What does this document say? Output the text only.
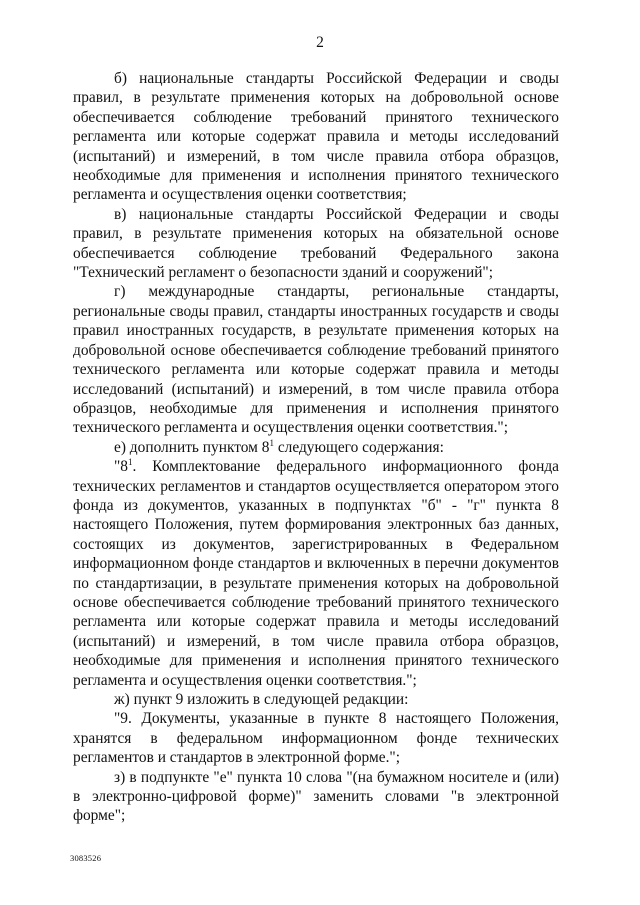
2

б) национальные стандарты Российской Федерации и своды правил, в результате применения которых на добровольной основе обеспечивается соблюдение требований принятого технического регламента или которые содержат правила и методы исследований (испытаний) и измерений, в том числе правила отбора образцов, необходимые для применения и исполнения принятого технического регламента и осуществления оценки соответствия;

в) национальные стандарты Российской Федерации и своды правил, в результате применения которых на обязательной основе обеспечивается соблюдение требований Федерального закона "Технический регламент о безопасности зданий и сооружений";

г) международные стандарты, региональные стандарты, региональные своды правил, стандарты иностранных государств и своды правил иностранных государств, в результате применения которых на добровольной основе обеспечивается соблюдение требований принятого технического регламента или которые содержат правила и методы исследований (испытаний) и измерений, в том числе правила отбора образцов, необходимые для применения и исполнения принятого технического регламента и осуществления оценки соответствия.";

е) дополнить пунктом $8^1$ следующего содержания:

"$8^1$. Комплектование федерального информационного фонда технических регламентов и стандартов осуществляется оператором этого фонда из документов, указанных в подпунктах "б" - "г" пункта 8 настоящего Положения, путем формирования электронных баз данных, состоящих из документов, зарегистрированных в Федеральном информационном фонде стандартов и включенных в перечни документов по стандартизации, в результате применения которых на добровольной основе обеспечивается соблюдение требований принятого технического регламента или которые содержат правила и методы исследований (испытаний) и измерений, в том числе правила отбора образцов, необходимые для применения и исполнения принятого технического регламента и осуществления оценки соответствия.";

ж) пункт 9 изложить в следующей редакции:

"9. Документы, указанные в пункте 8 настоящего Положения, хранятся в федеральном информационном фонде технических регламентов и стандартов в электронной форме.";

з) в подпункте "е" пункта 10 слова "(на бумажном носителе и (или) в электронно-цифровой форме)" заменить словами "в электронной форме";

3083526
